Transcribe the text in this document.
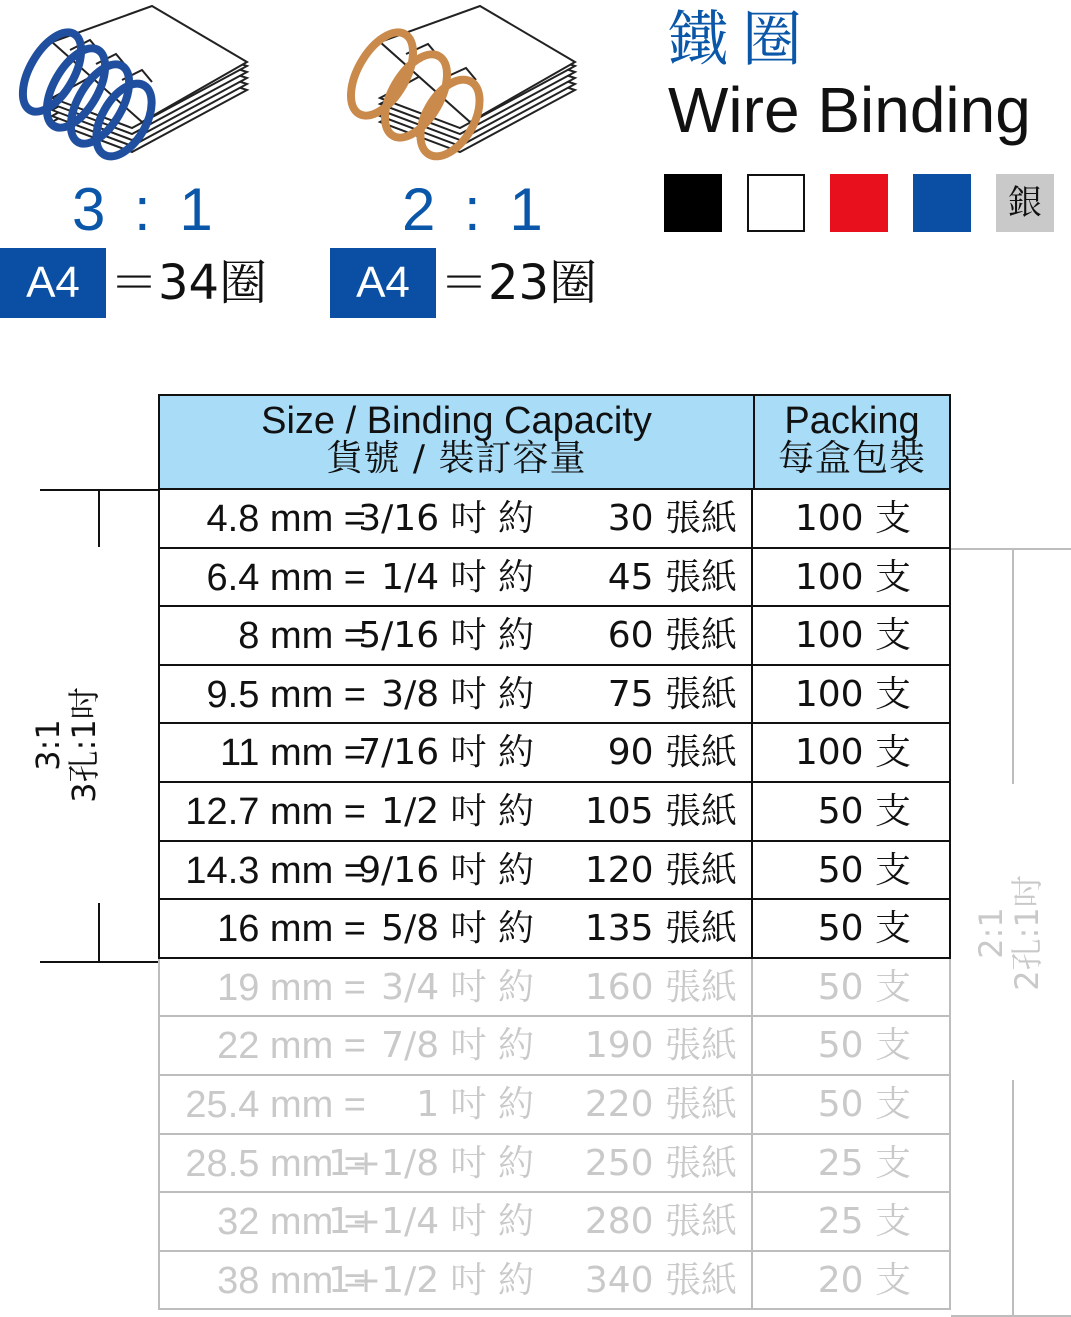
鐵圈
Wire Binding
銀
3 : 1	2 : 1
A4 ＝34圈	A4 ＝23圈
Size / Binding Capacity
貨號 / 裝訂容量
Packing
每盒包裝
4.8 mm =
3/16 吋 約 30 張紙 100 支
6.4 mm = 1/4 吋 約 45 張紙 100 支
8 mm =
5/16 吋 約 60 張紙 100 支
9.5 mm = 3/8 吋 約 75 張紙 100 支
11 mm =
7/16 吋 約 90 張紙 100 支
12.7 mm = 1/2 吋 約 105 張紙 50 支
14.3 mm =
9/16 吋 約 120 張紙 50 支
16 mm = 5/8 吋 約 135 張紙 50 支
19 mm = 3/4 吋 約 160 張紙 50 支
22 mm = 7/8 吋 約 190 張紙 50 支
25.4 mm = 1 吋 約 220 張紙 50 支
28.5 mm =
1+1/8 吋 約 250 張紙 25 支
32 mm =
1+1/4 吋 約 280 張紙 25 支
38 mm =
1+1/2 吋 約 340 張紙 20 支
3:1
3孔:1吋
2:1
2孔:1吋
